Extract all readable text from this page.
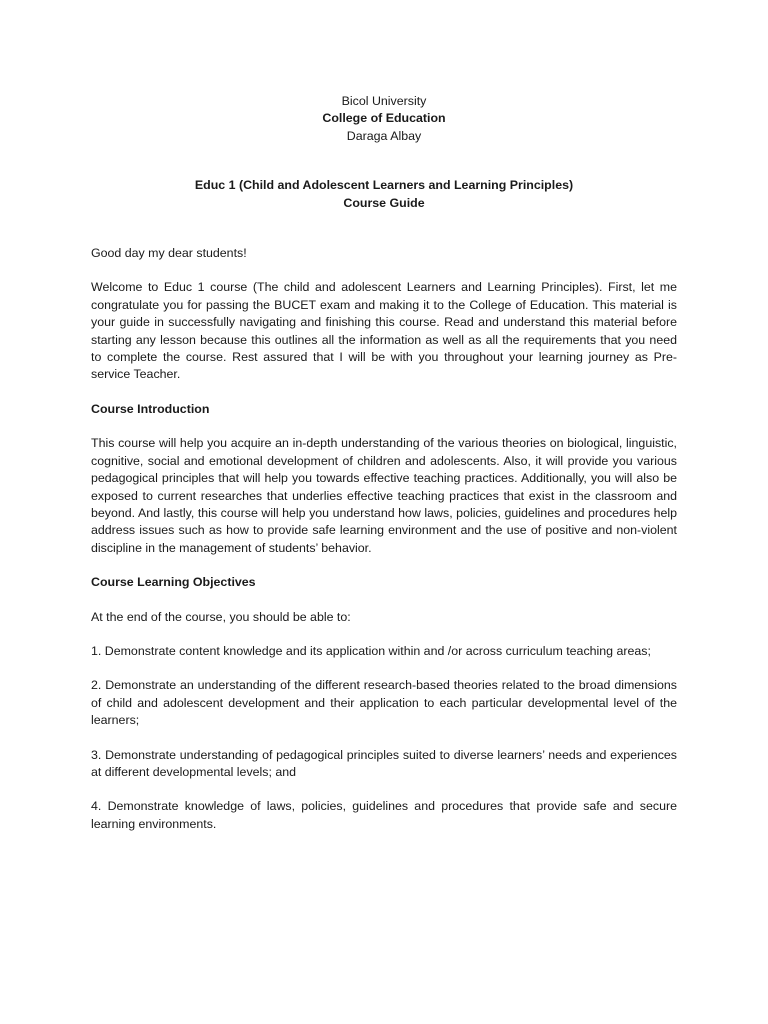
Bicol University
College of Education
Daraga Albay
Educ 1 (Child and Adolescent Learners and Learning Principles)
Course Guide

Good day my dear students!

Welcome to Educ 1 course (The child and adolescent Learners and Learning Principles). First, let me congratulate you for passing the BUCET exam and making it to the College of Education. This material is your guide in successfully navigating and finishing this course. Read and understand this material before starting any lesson because this outlines all the information as well as all the requirements that you need to complete the course. Rest assured that I will be with you throughout your learning journey as Pre-service Teacher.

Course Introduction

This course will help you acquire an in-depth understanding of the various theories on biological, linguistic, cognitive, social and emotional development of children and adolescents. Also, it will provide you various pedagogical principles that will help you towards effective teaching practices. Additionally, you will also be exposed to current researches that underlies effective teaching practices that exist in the classroom and beyond. And lastly, this course will help you understand how laws, policies, guidelines and procedures help address issues such as how to provide safe learning environment and the use of positive and non-violent discipline in the management of students’ behavior.

Course Learning Objectives

At the end of the course, you should be able to:

1. Demonstrate content knowledge and its application within and /or across curriculum teaching areas;

2. Demonstrate an understanding of the different research-based theories related to the broad dimensions of child and adolescent development and their application to each particular developmental level of the learners;

3. Demonstrate understanding of pedagogical principles suited to diverse learners’ needs and experiences at different developmental levels; and

4. Demonstrate knowledge of laws, policies, guidelines and procedures that provide safe and secure learning environments.
